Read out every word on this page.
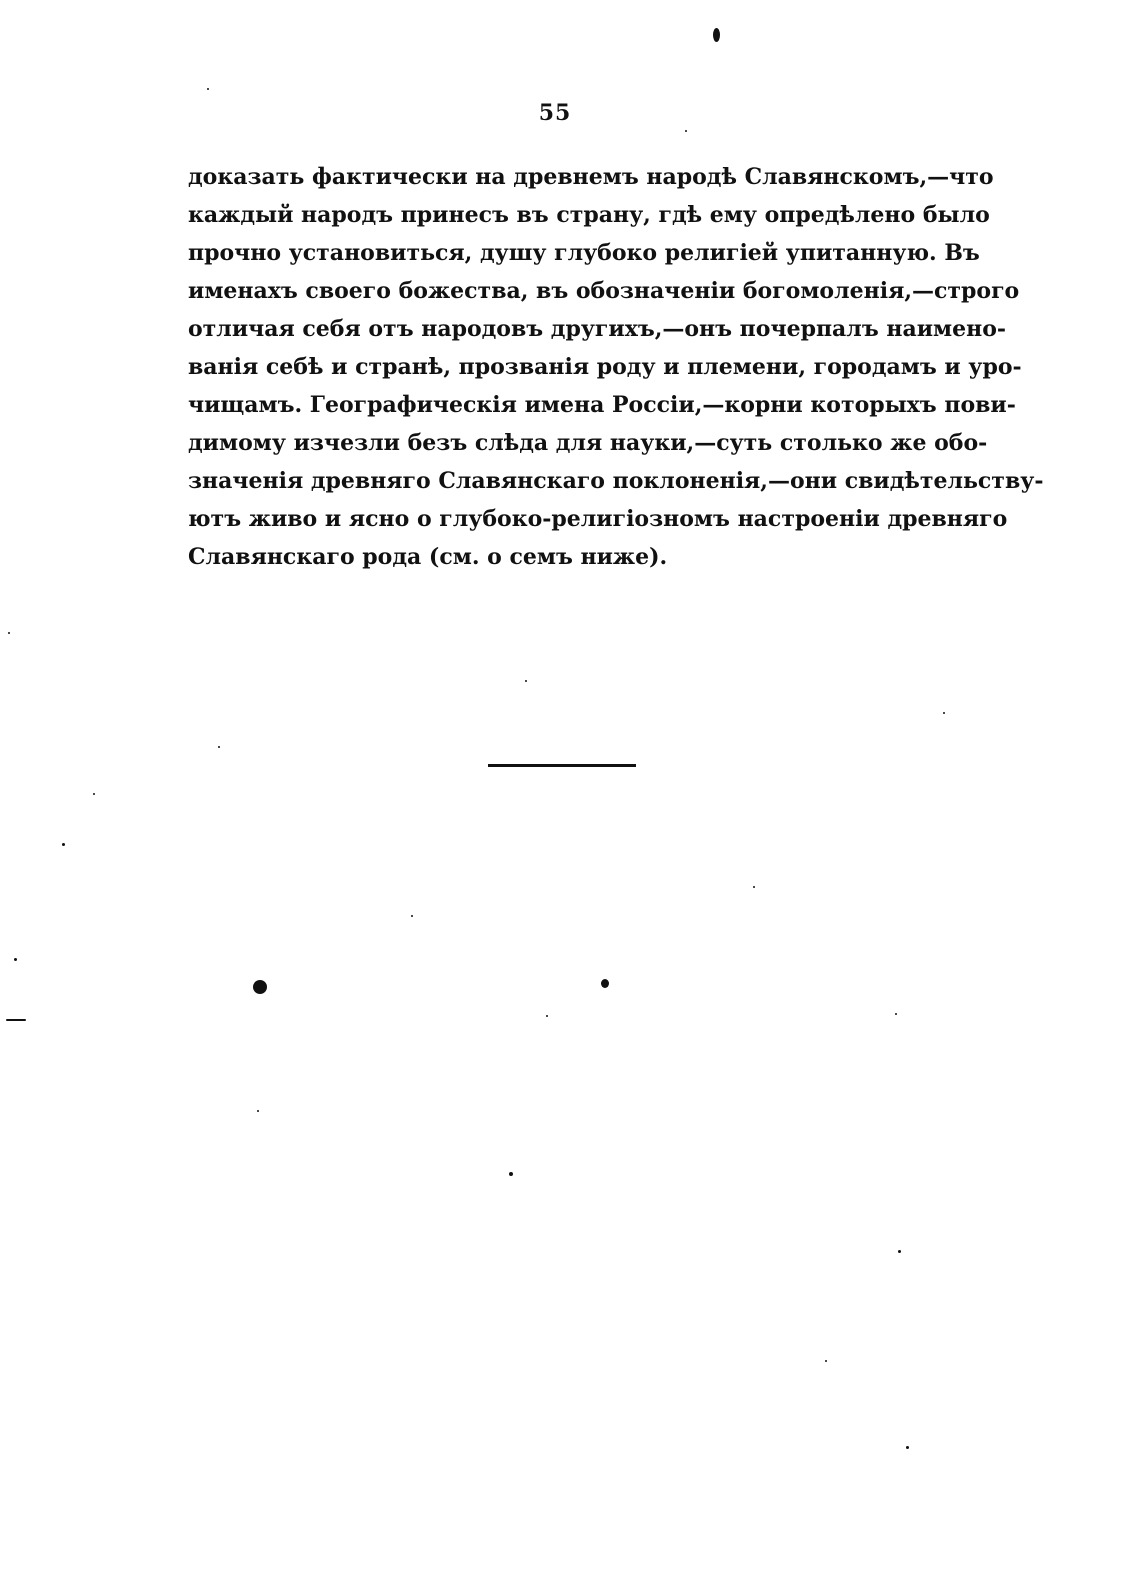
55
доказать фактически на древнемъ народѣ Славянскомъ,—что
каждый народъ принесъ въ страну, гдѣ ему опредѣлено было
прочно установиться, душу глубоко религіей упитанную. Въ
именахъ своего божества, въ обозначенiи богомоленія,—строго
отличая себя отъ народовъ другихъ,—онъ почерпалъ наимено-
ванія себѣ и странѣ, прозванія роду и племени, городамъ и уро-
чищамъ. Географическія имена Россiи,—корни которыхъ пови-
димому изчезли безъ слѣда для науки,—суть столько же обо-
значенія древняго Славянскаго поклоненія,—они свидѣтельству-
ютъ живо и ясно о глубоко-религіозномъ настроенiи древняго
Славянскаго рода (см. о семъ ниже).
